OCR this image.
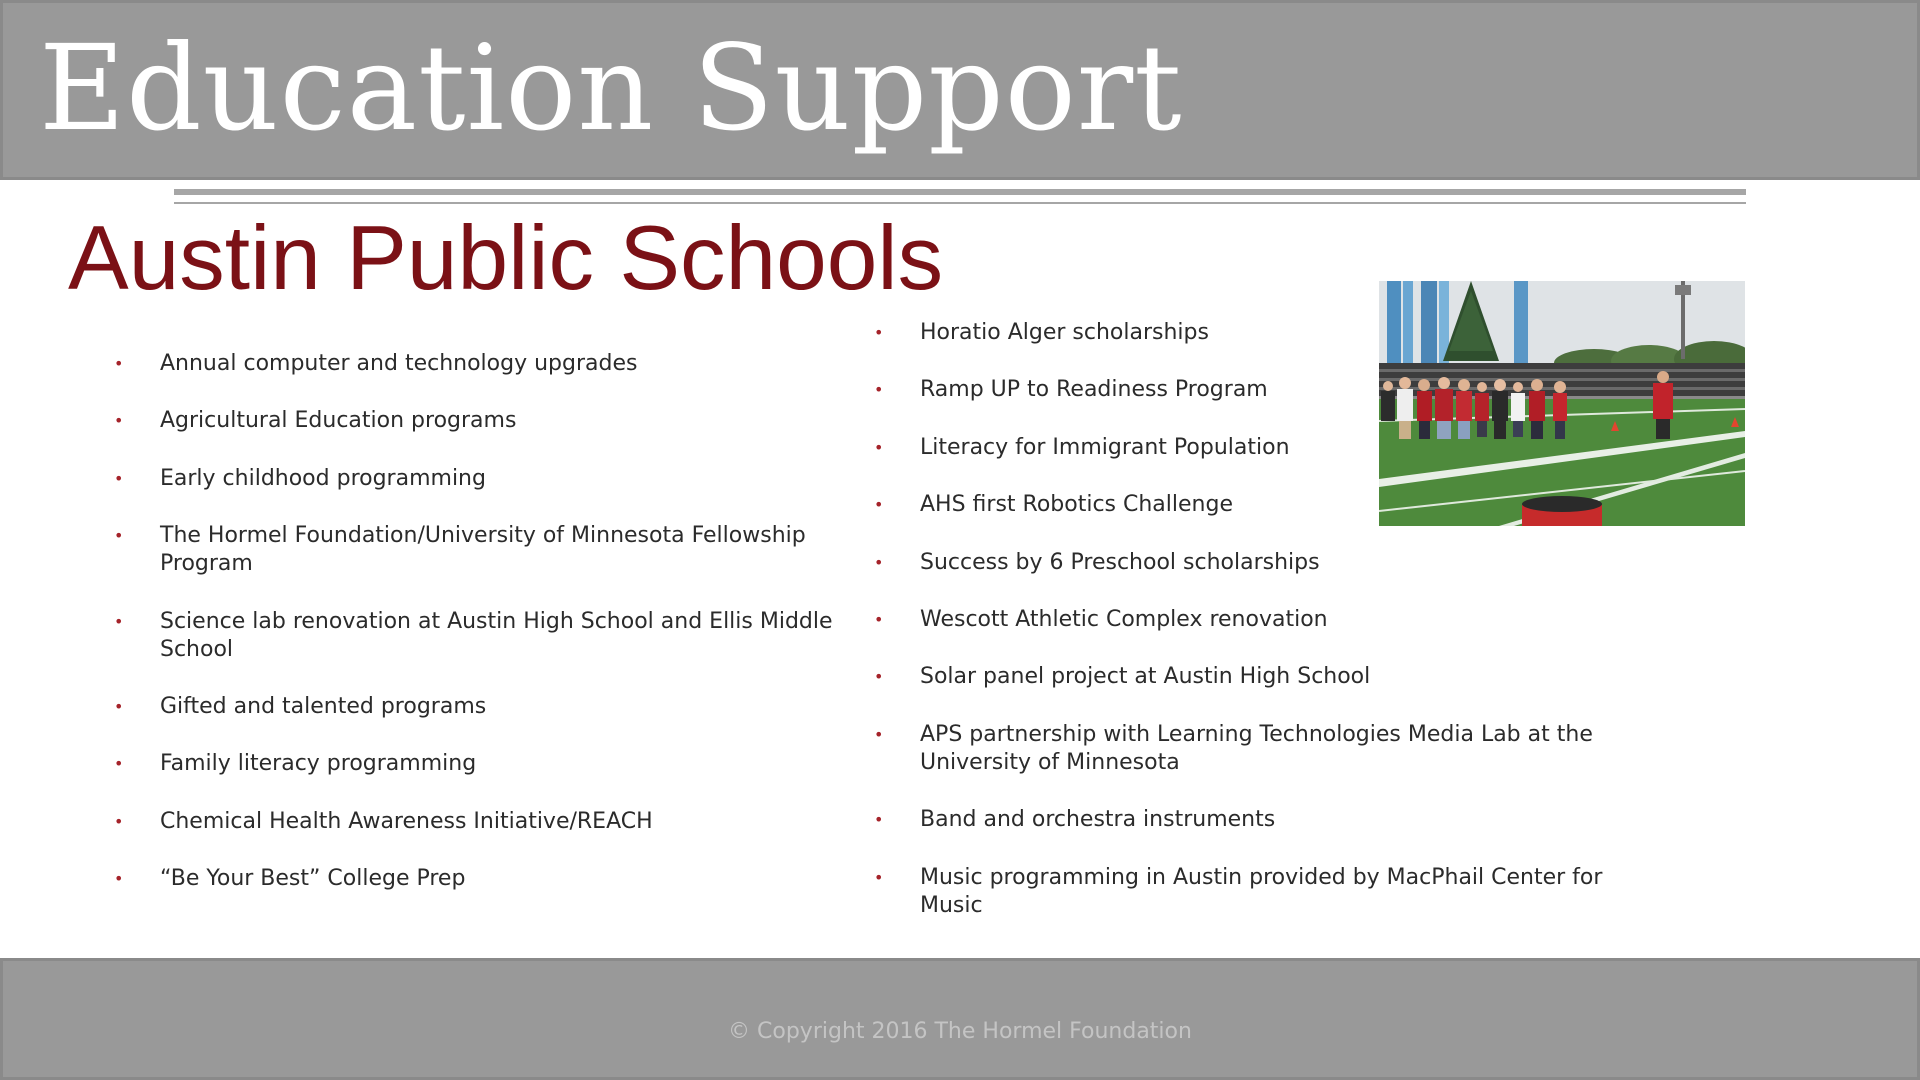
Education Support
Austin Public Schools
•	Annual computer and technology upgrades
•	Agricultural Education programs
•	Early childhood programming
•	The Hormel Foundation/University of Minnesota Fellowship Program
•	Science lab renovation at Austin High School and Ellis Middle School
•	Gifted and talented programs
•	Family literacy programming
•	Chemical Health Awareness Initiative/REACH
•	“Be Your Best” College Prep
•	Horatio Alger scholarships
•	Ramp UP to Readiness Program
•	Literacy for Immigrant Population
•	AHS first Robotics Challenge
•	Success by 6 Preschool scholarships
•	Wescott Athletic Complex renovation
•	Solar panel project at Austin High School
•	APS partnership with Learning Technologies Media Lab at the University of Minnesota
•	Band and orchestra instruments
•	Music programming in Austin provided by MacPhail Center for Music
© Copyright 2016 The Hormel Foundation
